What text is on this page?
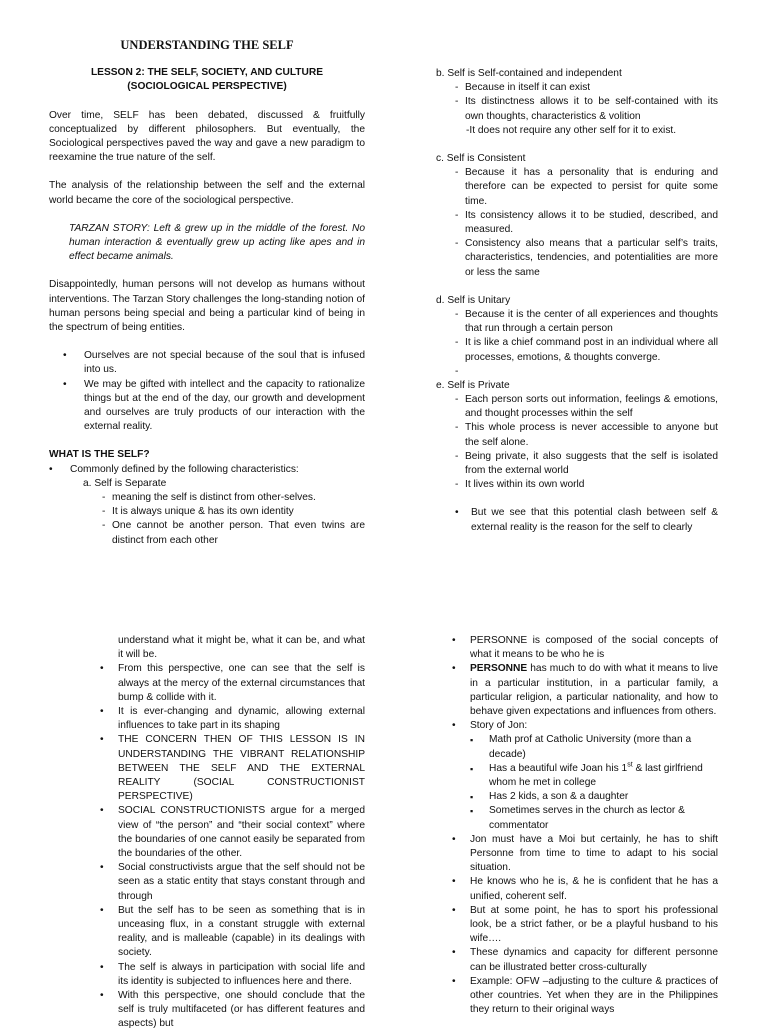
UNDERSTANDING THE SELF

LESSON 2: THE SELF, SOCIETY, AND CULTURE
(SOCIOLOGICAL PERSPECTIVE)

Over time, SELF has been debated, discussed & fruitfully conceptualized by different philosophers. But eventually, the Sociological perspectives paved the way and gave a new paradigm to reexamine the true nature of the self.

The analysis of the relationship between the self and the external world became the core of the sociological perspective.

TARZAN STORY: Left & grew up in the middle of the forest. No human interaction & eventually grew up acting like apes and in effect became animals.

Disappointedly, human persons will not develop as humans without interventions. The Tarzan Story challenges the long-standing notion of human persons being special and being a particular kind of being in the spectrum of being entities.

• Ourselves are not special because of the soul that is infused into us.
• We may be gifted with intellect and the capacity to rationalize things but at the end of the day, our growth and development and ourselves are truly products of our interaction with the external reality.

WHAT IS THE SELF?

• Commonly defined by the following characteristics:

a. Self is Separate

- meaning the self is distinct from other-selves.
- It is always unique & has its own identity
- One cannot be another person. That even twins are distinct from each other

b. Self is Self-contained and independent

- Because in itself it can exist
- Its distinctness allows it to be self-contained with its own thoughts, characteristics & volition

-It does not require any other self for it to exist.

c. Self is Consistent

- Because it has a personality that is enduring and therefore can be expected to persist for quite some time.
- Its consistency allows it to be studied, described, and measured.
- Consistency also means that a particular self’s traits, characteristics, tendencies, and potentialities are more or less the same

d. Self is Unitary

- Because it is the center of all experiences and thoughts that run through a certain person
- It is like a chief command post in an individual where all processes, emotions, & thoughts converge.
-

e. Self is Private

- Each person sorts out information, feelings & emotions, and thought processes within the self
- This whole process is never accessible to anyone but the self alone.
- Being private, it also suggests that the self is isolated from the external world
- It lives within its own world
• But we see that this potential clash between self & external reality is the reason for the self to clearly

understand what it might be, what it can be, and what it will be.

• From this perspective, one can see that the self is always at the mercy of the external circumstances that bump & collide with it.
• It is ever-changing and dynamic, allowing external influences to take part in its shaping
• THE CONCERN THEN OF THIS LESSON IS IN UNDERSTANDING THE VIBRANT RELATIONSHIP BETWEEN THE SELF AND THE EXTERNAL REALITY (SOCIAL CONSTRUCTIONIST PERSPECTIVE)
• SOCIAL CONSTRUCTIONISTS argue for a merged view of “the person” and “their social context” where the boundaries of one cannot easily be separated from the boundaries of the other.
• Social constructivists argue that the self should not be seen as a static entity that stays constant through and through
• But the self has to be seen as something that is in unceasing flux, in a constant struggle with external reality, and is malleable (capable) in its dealings with society.
• The self is always in participation with social life and its identity is subjected to influences here and there.
• With this perspective, one should conclude that the self is truly multifaceted (or has different features and aspects) but
• PERSONNE is composed of the social concepts of what it means to be who he is
• PERSONNE has much to do with what it means to live in a particular institution, in a particular family, a particular religion, a particular nationality, and how to behave given expectations and influences from others.
• Story of Jon:
▪ Math prof at Catholic University (more than a decade)
▪ Has a beautiful wife Joan his 1st & last girlfriend whom he met in college
▪ Has 2 kids, a son & a daughter
▪ Sometimes serves in the church as lector & commentator
• Jon must have a Moi but certainly, he has to shift Personne from time to time to adapt to his social situation.
• He knows who he is, & he is confident that he has a unified, coherent self.
• But at some point, he has to sport his professional look, be a strict father, or be a playful husband to his wife….
• These dynamics and capacity for different personne can be illustrated better cross-culturally
• Example: OFW –adjusting to the culture & practices of other countries. Yet when they are in the Philippines they return to their original ways
